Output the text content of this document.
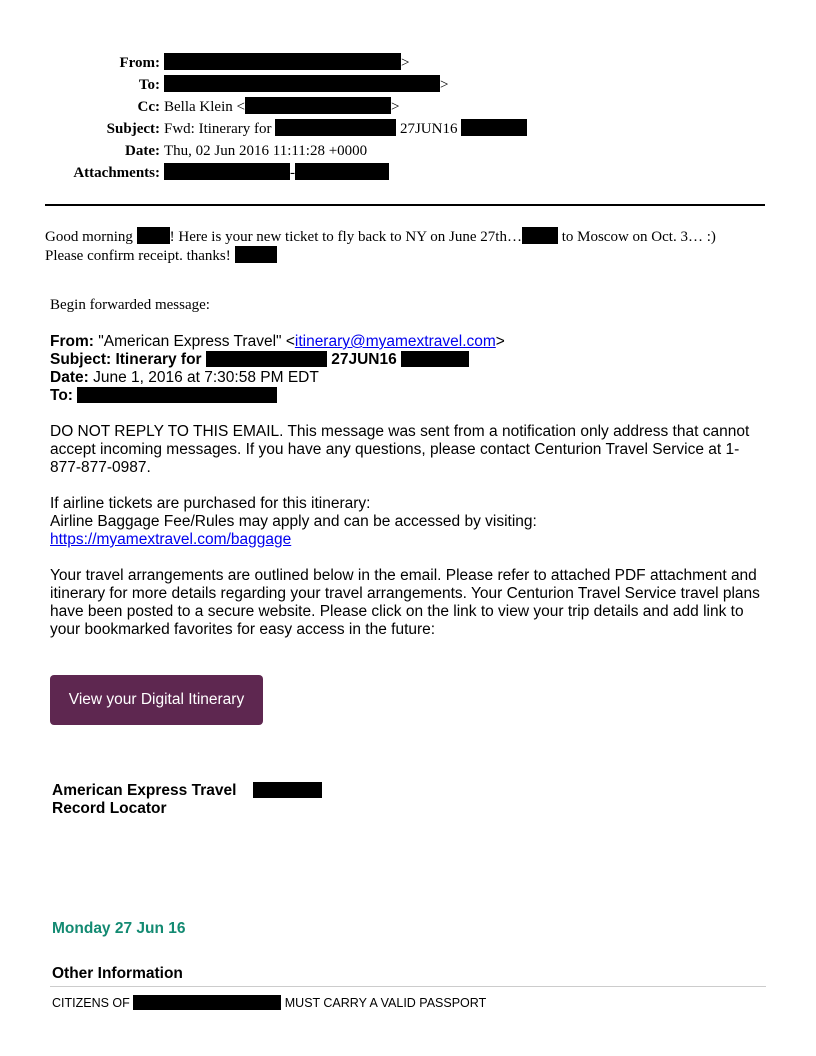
From:	>
To:	>
Cc: Bella Klein <	>
Subject: Fwd: Itinerary for	27JUN16
Date: Thu, 02 Jun 2016 11:11:28 +0000
Attachments:	-
Good morning ! Here is your new ticket to fly back to NY on June 27th… to Moscow on Oct. 3… :)
Please confirm receipt. thanks!
Begin forwarded message:
From: "American Express Travel" <itinerary@myamextravel.com>
Subject: Itinerary for	27JUN16
Date: June 1, 2016 at 7:30:58 PM EDT
To:
DO NOT REPLY TO THIS EMAIL. This message was sent from a notification only address that cannot accept incoming messages. If you have any questions, please contact Centurion Travel Service at 1-877-877-0987.
If airline tickets are purchased for this itinerary:
Airline Baggage Fee/Rules may apply and can be accessed by visiting:
https://myamextravel.com/baggage
Your travel arrangements are outlined below in the email. Please refer to attached PDF attachment and itinerary for more details regarding your travel arrangements. Your Centurion Travel Service travel plans have been posted to a secure website. Please click on the link to view your trip details and add link to your bookmarked favorites for easy access in the future:
View your Digital Itinerary
American Express Travel
Record Locator
Monday 27 Jun 16
Other Information
CITIZENS OF	MUST CARRY A VALID PASSPORT
